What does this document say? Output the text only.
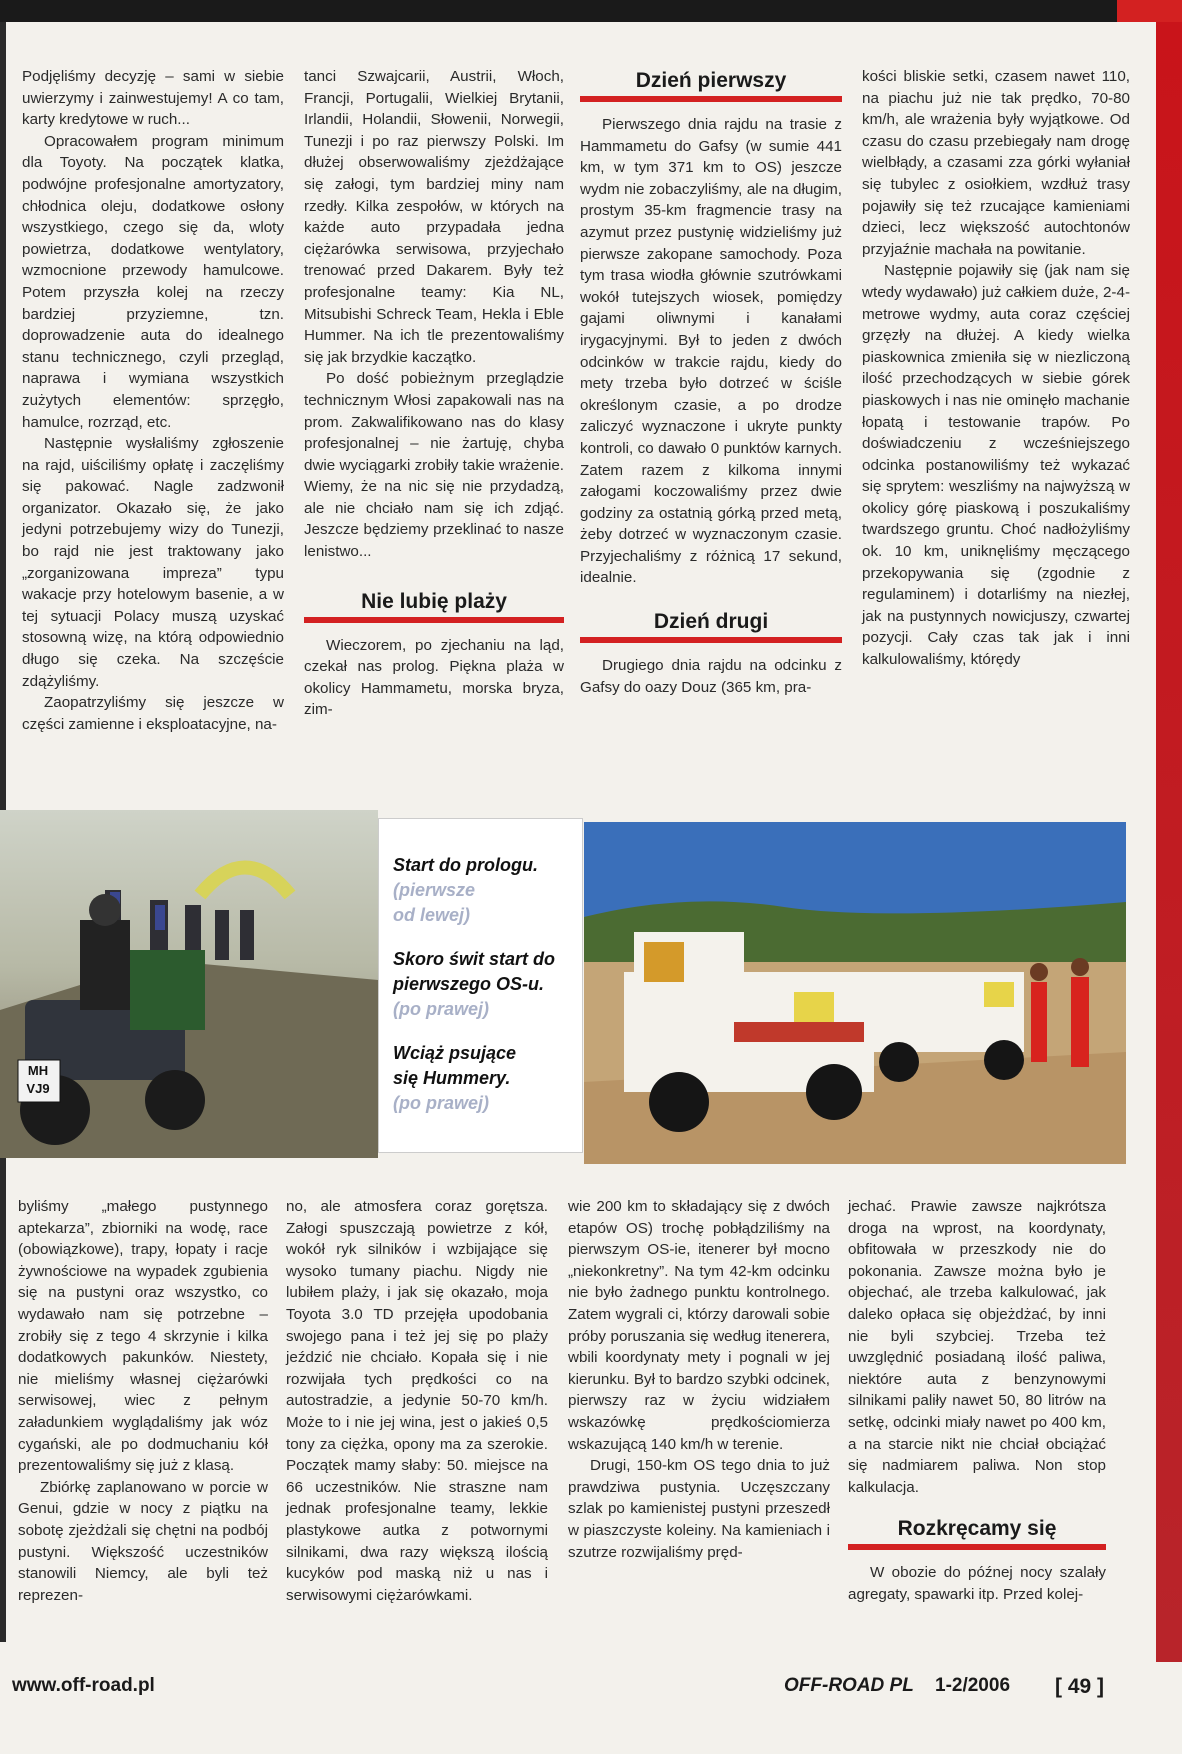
Podjęliśmy decyzję – sami w siebie uwierzymy i zainwestujemy! A co tam, karty kredytowe w ruch...

Opracowałem program minimum dla Toyoty. Na początek klatka, podwójne profesjonalne amortyzatory, chłodnica oleju, dodatkowe osłony wszystkiego, czego się da, wloty powietrza, dodatkowe wentylatory, wzmocnione przewody hamulcowe. Potem przyszła kolej na rzeczy bardziej przyziemne, tzn. doprowadzenie auta do idealnego stanu technicznego, czyli przegląd, naprawa i wymiana wszystkich zużytych elementów: sprzęgło, hamulce, rozrząd, etc.

Następnie wysłaliśmy zgłoszenie na rajd, uiściliśmy opłatę i zaczęliśmy się pakować. Nagle zadzwonił organizator. Okazało się, że jako jedyni potrzebujemy wizy do Tunezji, bo rajd nie jest traktowany jako „zorganizowana impreza” typu wakacje przy hotelowym basenie, a w tej sytuacji Polacy muszą uzyskać stosowną wizę, na którą odpowiednio długo się czeka. Na szczęście zdążyliśmy.

Zaopatrzyliśmy się jeszcze w części zamienne i eksploatacyjne, na-

tanci Szwajcarii, Austrii, Włoch, Francji, Portugalii, Wielkiej Brytanii, Irlandii, Holandii, Słowenii, Norwegii, Tunezji i po raz pierwszy Polski. Im dłużej obserwowaliśmy zjeżdżające się załogi, tym bardziej miny nam rzedły. Kilka zespołów, w których na każde auto przypadała jedna ciężarówka serwisowa, przyjechało trenować przed Dakarem. Były też profesjonalne teamy: Kia NL, Mitsubishi Schreck Team, Hekla i Eble Hummer. Na ich tle prezentowaliśmy się jak brzydkie kaczątko.

Po dość pobieżnym przeglądzie technicznym Włosi zapakowali nas na prom. Zakwalifikowano nas do klasy profesjonalnej – nie żartuję, chyba dwie wyciągarki zrobiły takie wrażenie. Wiemy, że na nic się nie przydadzą, ale nie chciało nam się ich zdjąć. Jeszcze będziemy przeklinać to nasze lenistwo...

Nie lubię plaży

Wieczorem, po zjechaniu na ląd, czekał nas prolog. Piękna plaża w okolicy Hammametu, morska bryza, zim-

Dzień pierwszy

Pierwszego dnia rajdu na trasie z Hammametu do Gafsy (w sumie 441 km, w tym 371 km to OS) jeszcze wydm nie zobaczyliśmy, ale na długim, prostym 35-km fragmencie trasy na azymut przez pustynię widzieliśmy już pierwsze zakopane samochody. Poza tym trasa wiodła głównie szutrówkami wokół tutejszych wiosek, pomiędzy gajami oliwnymi i kanałami irygacyjnymi. Był to jeden z dwóch odcinków w trakcie rajdu, kiedy do mety trzeba było dotrzeć w ściśle określonym czasie, a po drodze zaliczyć wyznaczone i ukryte punkty kontroli, co dawało 0 punktów karnych. Zatem razem z kilkoma innymi załogami koczowaliśmy przez dwie godziny za ostatnią górką przed metą, żeby dotrzeć w wyznaczonym czasie. Przyjechaliśmy z różnicą 17 sekund, idealnie.

Dzień drugi

Drugiego dnia rajdu na odcinku z Gafsy do oazy Douz (365 km, pra-

kości bliskie setki, czasem nawet 110, na piachu już nie tak prędko, 70-80 km/h, ale wrażenia były wyjątkowe. Od czasu do czasu przebiegały nam drogę wielbłądy, a czasami zza górki wyłaniał się tubylec z osiołkiem, wzdłuż trasy pojawiły się też rzucające kamieniami dzieci, lecz większość autochtonów przyjaźnie machała na powitanie.

Następnie pojawiły się (jak nam się wtedy wydawało) już całkiem duże, 2-4-metrowe wydmy, auta coraz częściej grzęzły na dłużej. A kiedy wielka piaskownica zmieniła się w niezliczoną ilość przechodzących w siebie górek piaskowych i nas nie ominęło machanie łopatą i testowanie trapów. Po doświadczeniu z wcześniejszego odcinka postanowiliśmy też wykazać się sprytem: weszliśmy na najwyższą w okolicy górę piaskową i poszukaliśmy twardszego gruntu. Choć nadłożyliśmy ok. 10 km, uniknęliśmy męczącego przekopywania się (zgodnie z regulaminem) i dotarliśmy na niezłej, jak na pustynnych nowicjuszy, czwartej pozycji. Cały czas tak jak i inni kalkulowaliśmy, którędy

MH VJ9
Start do prologu.
(pierwsze od lewej)
Skoro świt start do pierwszego OS-u.
(po prawej)
Wciąż psujące się Hummery.
(po prawej)

byliśmy „małego pustynnego aptekarza”, zbiorniki na wodę, race (obowiązkowe), trapy, łopaty i racje żywnościowe na wypadek zgubienia się na pustyni oraz wszystko, co wydawało nam się potrzebne – zrobiły się z tego 4 skrzynie i kilka dodatkowych pakunków. Niestety, nie mieliśmy własnej ciężarówki serwisowej, wiec z pełnym załadunkiem wyglądaliśmy jak wóz cygański, ale po dodmuchaniu kół prezentowaliśmy się już z klasą.

Zbiórkę zaplanowano w porcie w Genui, gdzie w nocy z piątku na sobotę zjeżdżali się chętni na podbój pustyni. Większość uczestników stanowili Niemcy, ale byli też reprezen-

no, ale atmosfera coraz gorętsza. Załogi spuszczają powietrze z kół, wokół ryk silników i wzbijające się wysoko tumany piachu. Nigdy nie lubiłem plaży, i jak się okazało, moja Toyota 3.0 TD przejęła upodobania swojego pana i też jej się po plaży jeździć nie chciało. Kopała się i nie rozwijała tych prędkości co na autostradzie, a jedynie 50-70 km/h. Może to i nie jej wina, jest o jakieś 0,5 tony za ciężka, opony ma za szerokie. Początek mamy słaby: 50. miejsce na 66 uczestników. Nie straszne nam jednak profesjonalne teamy, lekkie plastykowe autka z potwornymi silnikami, dwa razy większą ilością kucyków pod maską niż u nas i serwisowymi ciężarówkami.

wie 200 km to składający się z dwóch etapów OS) trochę pobłądziliśmy na pierwszym OS-ie, itenerer był mocno „niekonkretny”. Na tym 42-km odcinku nie było żadnego punktu kontrolnego. Zatem wygrali ci, którzy darowali sobie próby poruszania się według itenerera, wbili koordynaty mety i pognali w jej kierunku. Był to bardzo szybki odcinek, pierwszy raz w życiu widziałem wskazówkę prędkościomierza wskazującą 140 km/h w terenie.

Drugi, 150-km OS tego dnia to już prawdziwa pustynia. Uczęszczany szlak po kamienistej pustyni przeszedł w piaszczyste koleiny. Na kamieniach i szutrze rozwijaliśmy pręd-

jechać. Prawie zawsze najkrótsza droga na wprost, na koordynaty, obfitowała w przeszkody nie do pokonania. Zawsze można było je objechać, ale trzeba kalkulować, jak daleko opłaca się objeżdżać, by inni nie byli szybciej. Trzeba też uwzględnić posiadaną ilość paliwa, niektóre auta z benzynowymi silnikami paliły nawet 50, 80 litrów na setkę, odcinki miały nawet po 400 km, a na starcie nikt nie chciał obciążać się nadmiarem paliwa. Non stop kalkulacja.

Rozkręcamy się

W obozie do późnej nocy szalały agregaty, spawarki itp. Przed kolej-

www.off-road.pl	OFF-ROAD PL 1-2/2006 [ 49 ]
